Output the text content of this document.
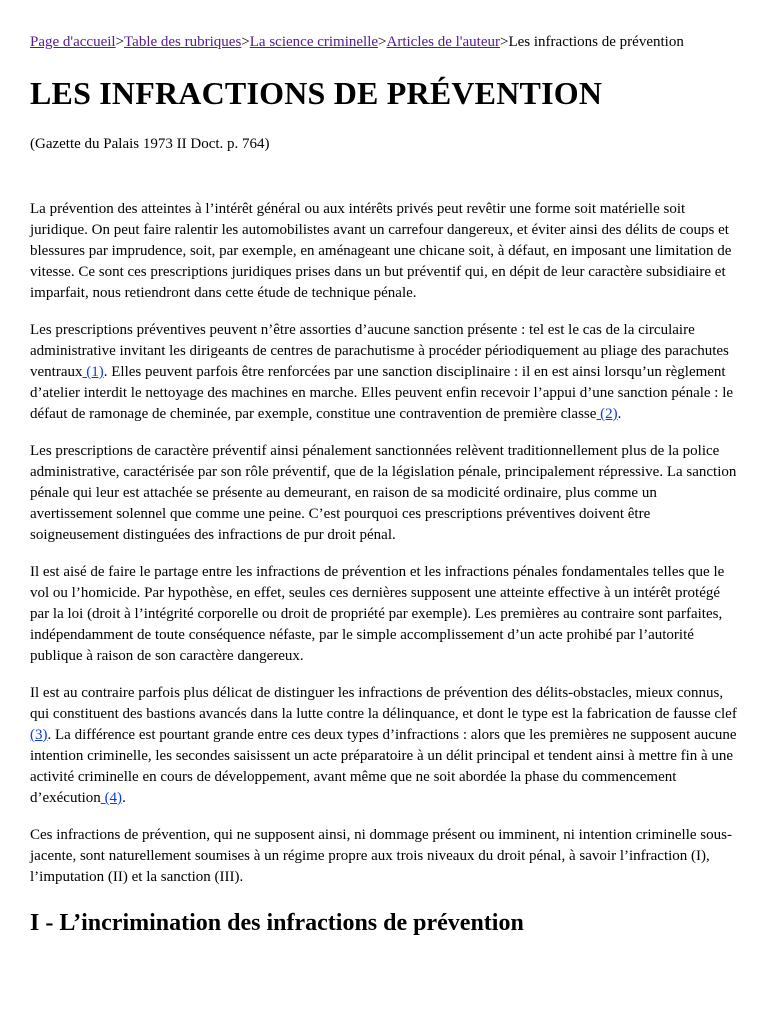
Page d'accueil>Table des rubriques>La science criminelle>Articles de l'auteur>Les infractions de prévention
LES INFRACTIONS DE PRÉVENTION
(Gazette du Palais 1973 II Doct. p. 764)

La prévention des atteintes à l’intérêt général ou aux intérêts privés peut revêtir une forme soit matérielle soit juridique. On peut faire ralentir les automobilistes avant un carrefour dangereux, et éviter ainsi des délits de coups et blessures par imprudence, soit, par exemple, en aménageant une chicane soit, à défaut, en imposant une limitation de vitesse. Ce sont ces prescriptions juridiques prises dans un but préventif qui, en dépit de leur caractère subsidiaire et imparfait, nous retiendront dans cette étude de technique pénale.

Les prescriptions préventives peuvent n’être assorties d’aucune sanction présente : tel est le cas de la circulaire administrative invitant les dirigeants de centres de parachutisme à procéder périodiquement au pliage des parachutes ventraux (1). Elles peuvent parfois être renforcées par une sanction disciplinaire : il en est ainsi lorsqu’un règlement d’atelier interdit le nettoyage des machines en marche. Elles peuvent enfin recevoir l’appui d’une sanction pénale : le défaut de ramonage de cheminée, par exemple, constitue une contravention de première classe (2).

Les prescriptions de caractère préventif ainsi pénalement sanctionnées relèvent traditionnellement plus de la police administrative, caractérisée par son rôle préventif, que de la législation pénale, principalement répressive. La sanction pénale qui leur est attachée se présente au demeurant, en raison de sa modicité ordinaire, plus comme un avertissement solennel que comme une peine. C’est pourquoi ces prescriptions préventives doivent être soigneusement distinguées des infractions de pur droit pénal.

Il est aisé de faire le partage entre les infractions de prévention et les infractions pénales fondamentales telles que le vol ou l’homicide. Par hypothèse, en effet, seules ces dernières supposent une atteinte effective à un intérêt protégé par la loi (droit à l’intégrité corporelle ou droit de propriété par exemple). Les premières au contraire sont parfaites, indépendamment de toute conséquence néfaste, par le simple accomplissement d’un acte prohibé par l’autorité publique à raison de son caractère dangereux.

Il est au contraire parfois plus délicat de distinguer les infractions de prévention des délits-obstacles, mieux connus, qui constituent des bastions avancés dans la lutte contre la délinquance, et dont le type est la fabrication de fausse clef (3). La différence est pourtant grande entre ces deux types d’infractions : alors que les premières ne supposent aucune intention criminelle, les secondes saisissent un acte préparatoire à un délit principal et tendent ainsi à mettre fin à une activité criminelle en cours de développement, avant même que ne soit abordée la phase du commencement d’exécution (4).

Ces infractions de prévention, qui ne supposent ainsi, ni dommage présent ou imminent, ni intention criminelle sous-jacente, sont naturellement soumises à un régime propre aux trois niveaux du droit pénal, à savoir l’infraction (I), l’imputation (II) et la sanction (III).

I - L’incrimination des infractions de prévention
